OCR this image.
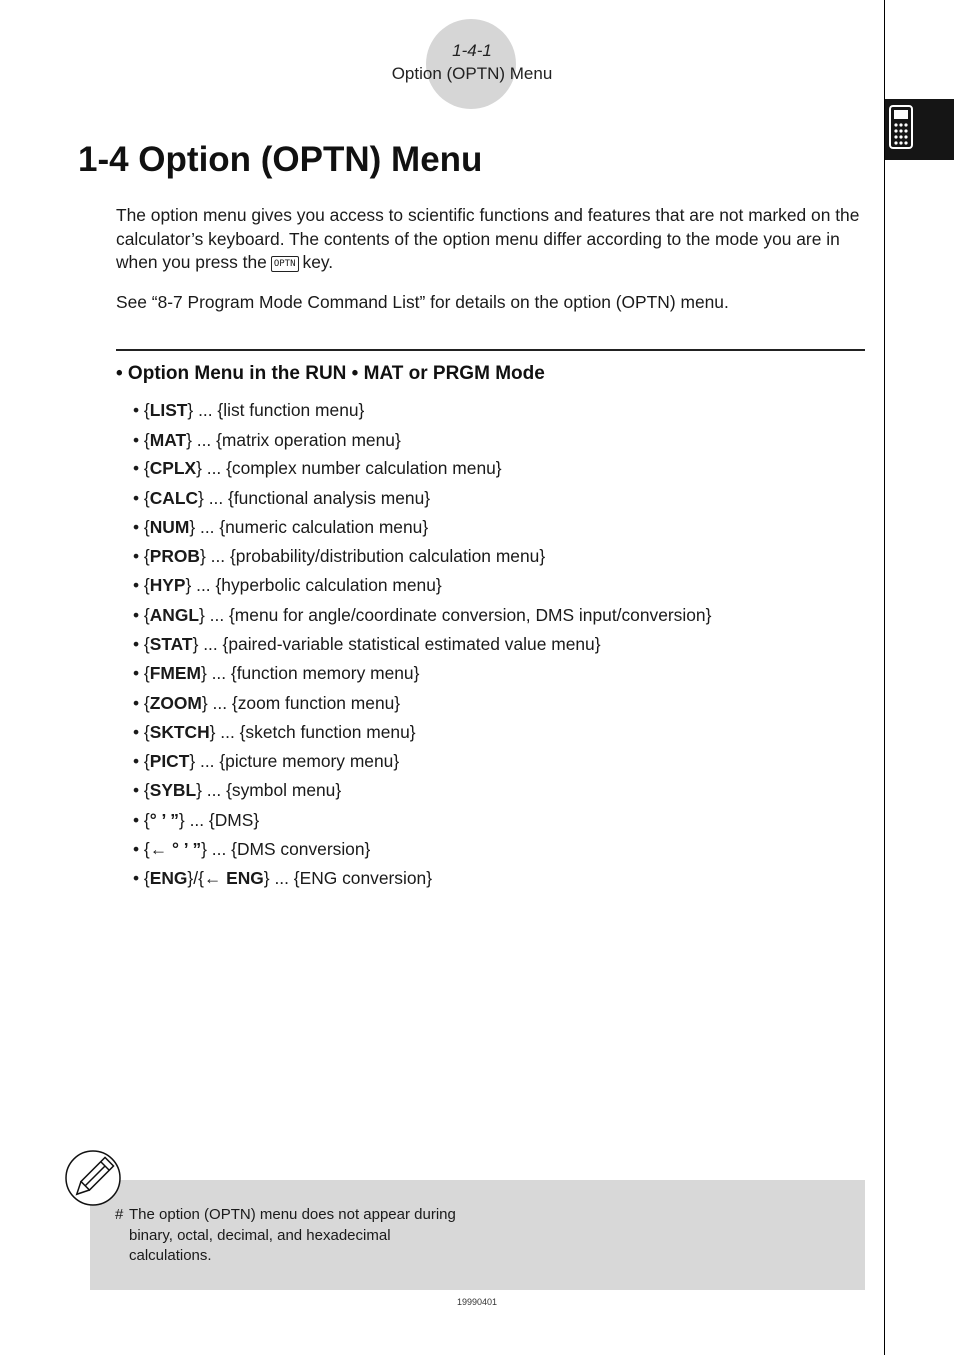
1-4-1
Option (OPTN) Menu
1-4 Option (OPTN) Menu
The option menu gives you access to scientific functions and features that are not marked on the calculator’s keyboard. The contents of the option menu differ according to the mode you are in when you press the OPTN key.
See “8-7 Program Mode Command List” for details on the option (OPTN) menu.
• Option Menu in the RUN • MAT or PRGM Mode
• {LIST} ... {list function menu}
• {MAT} ... {matrix operation menu}
• {CPLX} ... {complex number calculation menu}
• {CALC} ... {functional analysis menu}
• {NUM} ... {numeric calculation menu}
• {PROB} ... {probability/distribution calculation menu}
• {HYP} ... {hyperbolic calculation menu}
• {ANGL} ... {menu for angle/coordinate conversion, DMS input/conversion}
• {STAT} ... {paired-variable statistical estimated value menu}
• {FMEM} ... {function memory menu}
• {ZOOM} ... {zoom function menu}
• {SKTCH} ... {sketch function menu}
• {PICT} ... {picture memory menu}
• {SYBL} ... {symbol menu}
• {° ’ ”} ... {DMS}
• {← ° ’ ”} ... {DMS conversion}
• {ENG}/{← ENG} ... {ENG conversion}
# The option (OPTN) menu does not appear during binary, octal, decimal, and hexadecimal calculations.
19990401
